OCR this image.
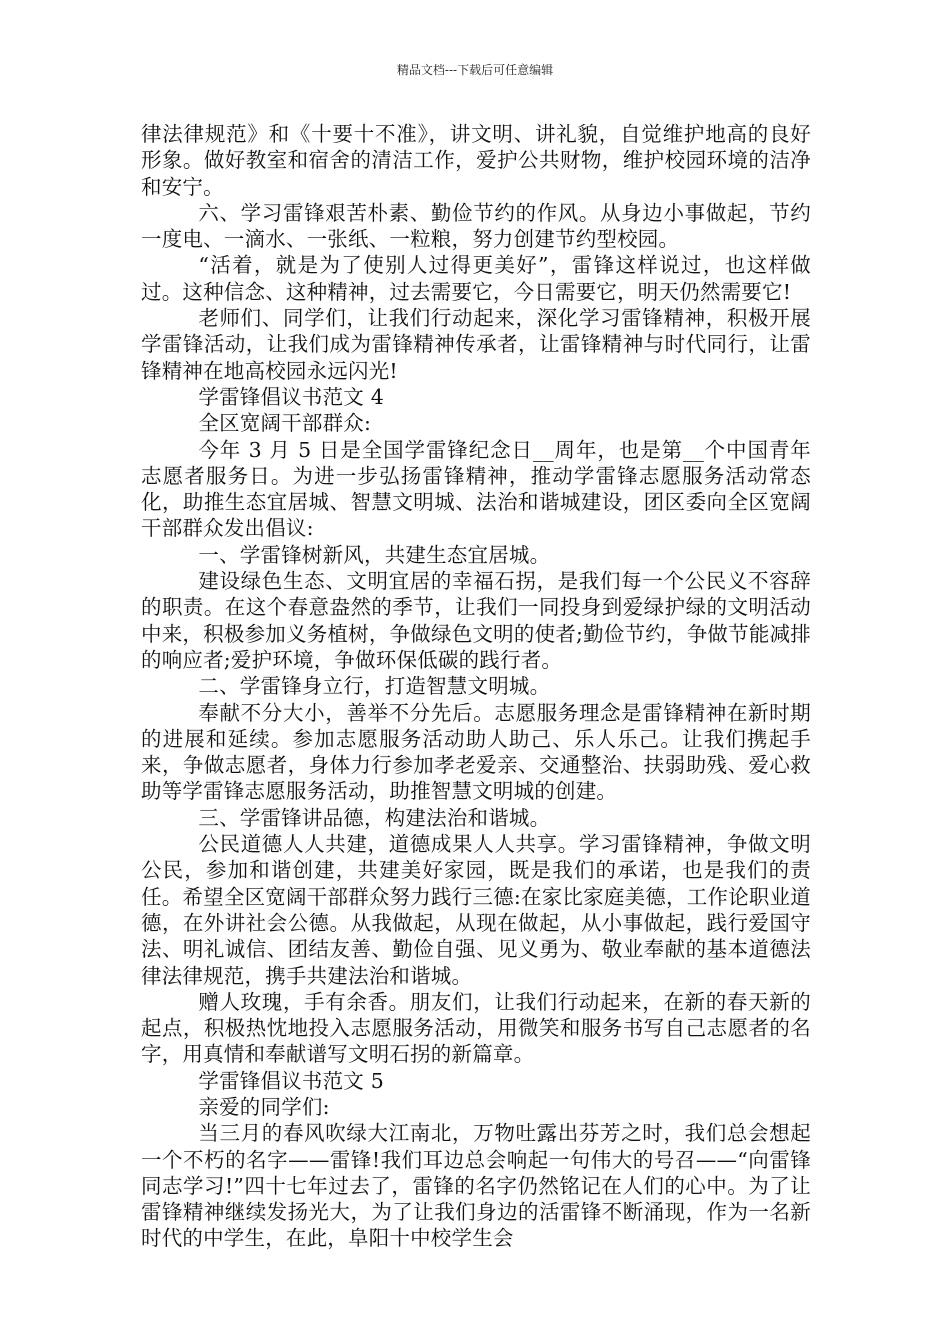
精品文档---下载后可任意编辑

律法律规范》和《十要十不准》，讲文明、讲礼貌，自觉维护地高的良好形象。做好教室和宿舍的清洁工作，爱护公共财物，维护校园环境的洁净和安宁。

六、学习雷锋艰苦朴素、勤俭节约的作风。从身边小事做起，节约一度电、一滴水、一张纸、一粒粮，努力创建节约型校园。

“活着，就是为了使别人过得更美好”，雷锋这样说过，也这样做过。这种信念、这种精神，过去需要它，今日需要它，明天仍然需要它!

老师们、同学们，让我们行动起来，深化学习雷锋精神，积极开展学雷锋活动，让我们成为雷锋精神传承者，让雷锋精神与时代同行，让雷锋精神在地高校园永远闪光!

学雷锋倡议书范文 4

全区宽阔干部群众:

今年 3 月 5 日是全国学雷锋纪念日__周年，也是第__个中国青年志愿者服务日。为进一步弘扬雷锋精神，推动学雷锋志愿服务活动常态化，助推生态宜居城、智慧文明城、法治和谐城建设，团区委向全区宽阔干部群众发出倡议:

一、学雷锋树新风，共建生态宜居城。

建设绿色生态、文明宜居的幸福石拐，是我们每一个公民义不容辞的职责。在这个春意盎然的季节，让我们一同投身到爱绿护绿的文明活动中来，积极参加义务植树，争做绿色文明的使者;勤俭节约，争做节能减排的响应者;爱护环境，争做环保低碳的践行者。

二、学雷锋身立行，打造智慧文明城。

奉献不分大小，善举不分先后。志愿服务理念是雷锋精神在新时期的进展和延续。参加志愿服务活动助人助己、乐人乐己。让我们携起手来，争做志愿者，身体力行参加孝老爱亲、交通整治、扶弱助残、爱心救助等学雷锋志愿服务活动，助推智慧文明城的创建。

三、学雷锋讲品德，构建法治和谐城。

公民道德人人共建，道德成果人人共享。学习雷锋精神，争做文明公民，参加和谐创建，共建美好家园，既是我们的承诺，也是我们的责任。希望全区宽阔干部群众努力践行三德:在家比家庭美德，工作论职业道德，在外讲社会公德。从我做起，从现在做起，从小事做起，践行爱国守法、明礼诚信、团结友善、勤俭自强、见义勇为、敬业奉献的基本道德法律法律规范，携手共建法治和谐城。

赠人玫瑰，手有余香。朋友们，让我们行动起来，在新的春天新的起点，积极热忱地投入志愿服务活动，用微笑和服务书写自己志愿者的名字，用真情和奉献谱写文明石拐的新篇章。

学雷锋倡议书范文 5

亲爱的同学们:

当三月的春风吹绿大江南北，万物吐露出芬芳之时，我们总会想起一个不朽的名字——雷锋!我们耳边总会响起一句伟大的号召——“向雷锋同志学习!”四十七年过去了，雷锋的名字仍然铭记在人们的心中。为了让雷锋精神继续发扬光大，为了让我们身边的活雷锋不断涌现，作为一名新时代的中学生，在此，阜阳十中校学生会
